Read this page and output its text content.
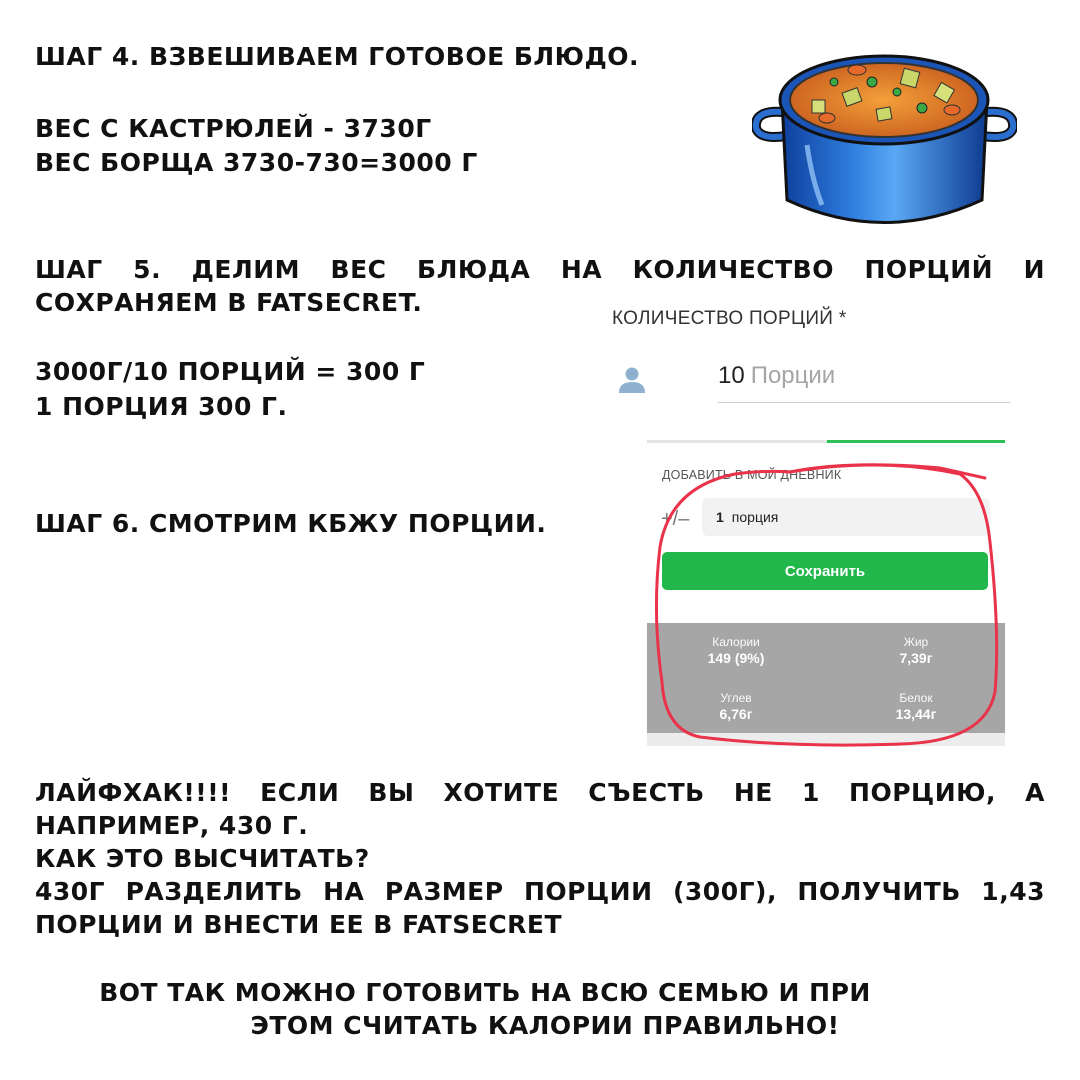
ШАГ 4. ВЗВЕШИВАЕМ ГОТОВОЕ БЛЮДО.

ВЕС С КАСТРЮЛЕЙ - 3730Г

ВЕС БОРЩА 3730-730=3000 Г

ШАГ 5. ДЕЛИМ ВЕС БЛЮДА НА КОЛИЧЕСТВО ПОРЦИЙ И СОХРАНЯЕМ В FATSECRET.

3000Г/10 ПОРЦИЙ = 300 Г

1 ПОРЦИЯ 300 Г.

КОЛИЧЕСТВО ПОРЦИЙ *
10 Порции

ШАГ 6. СМОТРИМ КБЖУ ПОРЦИИ.

ДОБАВИТЬ В МОЙ ДНЕВНИК
+/– 1 порция
Сохранить
Калории
149 (9%)
Жир
7,39г
Углев
6,76г
Белок
13,44г
ЛАЙФХАК!!!! ЕСЛИ ВЫ ХОТИТЕ СЪЕСТЬ НЕ 1 ПОРЦИЮ, А НАПРИМЕР, 430 Г.
КАК ЭТО ВЫСЧИТАТЬ?
430Г РАЗДЕЛИТЬ НА РАЗМЕР ПОРЦИИ (300Г), ПОЛУЧИТЬ 1,43 ПОРЦИИ И ВНЕСТИ ЕЕ В FATSECRET
ВОТ ТАК МОЖНО ГОТОВИТЬ НА ВСЮ СЕМЬЮ И ПРИ
ЭТОМ СЧИТАТЬ КАЛОРИИ ПРАВИЛЬНО!
